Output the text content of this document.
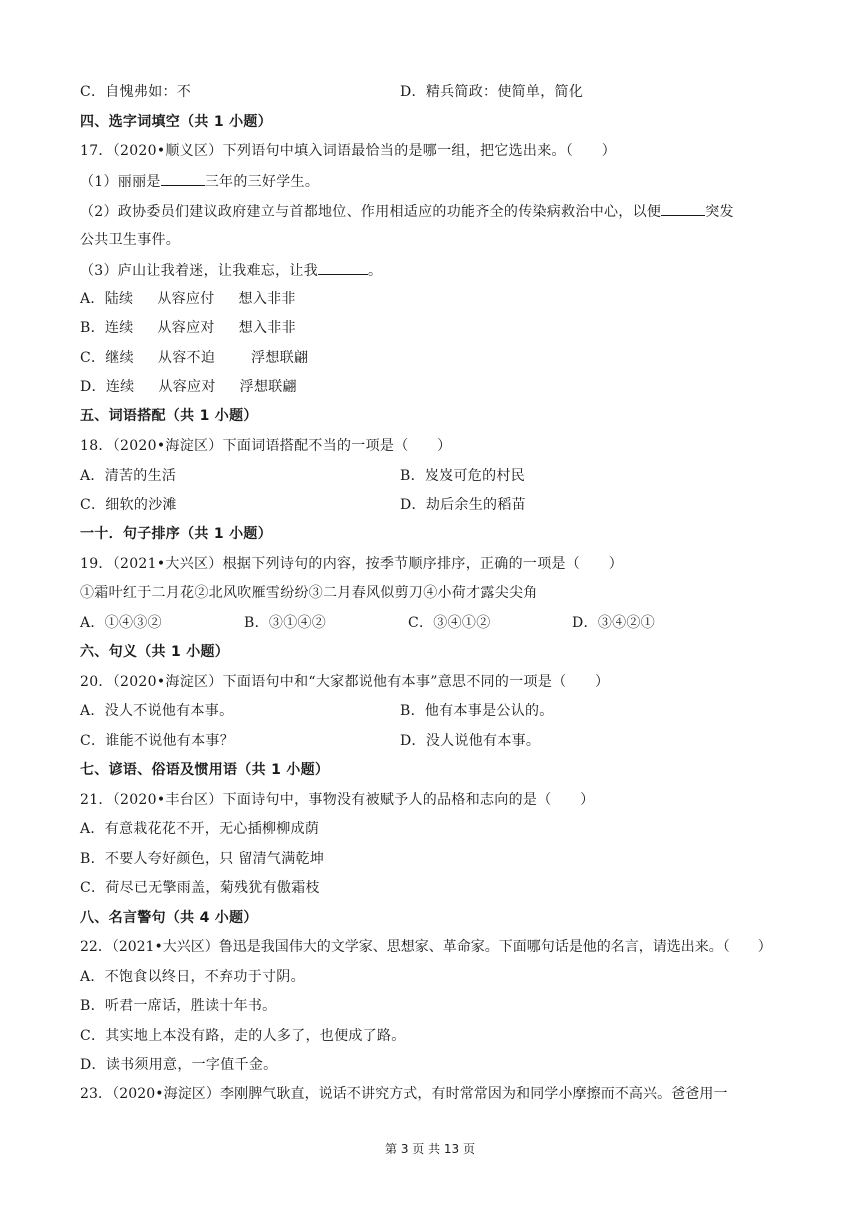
C．自愧弗如：不	D．精兵简政：使简单，简化
四、选字词填空（共 1 小题）
17．（2020•顺义区）下列语句中填入词语最恰当的是哪一组，把它选出来。（　　）
（1）丽丽是	三年的三好学生。
（2）政协委员们建议政府建立与首都地位、作用相适应的功能齐全的传染病救治中心，以便	突发
公共卫生事件。
（3）庐山让我着迷，让我难忘，让我	。
A．陆续 从容应付 想入非非
B．连续 从容应对 想入非非
C．继续 从容不迫	浮想联翩
D．连续 从容应对 浮想联翩
五、词语搭配（共 1 小题）
18．（2020•海淀区）下面词语搭配不当的一项是（　　）
A．清苦的生活	B．岌岌可危的村民
C．细软的沙滩	D．劫后余生的稻苗
一十．句子排序（共 1 小题）
19．（2021•大兴区）根据下列诗句的内容，按季节顺序排序，正确的一项是（　　）
①霜叶红于二月花②北风吹雁雪纷纷③二月春风似剪刀④小荷才露尖尖角
A．①④③②	B．③①④②	C．③④①②	D．③④②①
六、句义（共 1 小题）
20．（2020•海淀区）下面语句中和“大家都说他有本事”意思不同的一项是（　　）
A．没人不说他有本事。	B．他有本事是公认的。
C．谁能不说他有本事？	D．没人说他有本事。
七、谚语、俗语及惯用语（共 1 小题）
21．（2020•丰台区）下面诗句中，事物没有被赋予人的品格和志向的是（　　）
A．有意栽花花不开，无心插柳柳成荫
B．不要人夸好颜色，只 留清气满乾坤
C．荷尽已无擎雨盖，菊残犹有傲霜枝
八、名言警句（共 4 小题）
22．（2021•大兴区）鲁迅是我国伟大的文学家、思想家、革命家。下面哪句话是他的名言，请选出来。（　　）
A．不饱食以终日，不弃功于寸阴。
B．听君一席话，胜读十年书。
C．其实地上本没有路，走的人多了，也便成了路。
D．读书须用意，一字值千金。
23．（2020•海淀区）李刚脾气耿直，说话不讲究方式，有时常常因为和同学小摩擦而不高兴。爸爸用一
第 3 页 共 13 页
